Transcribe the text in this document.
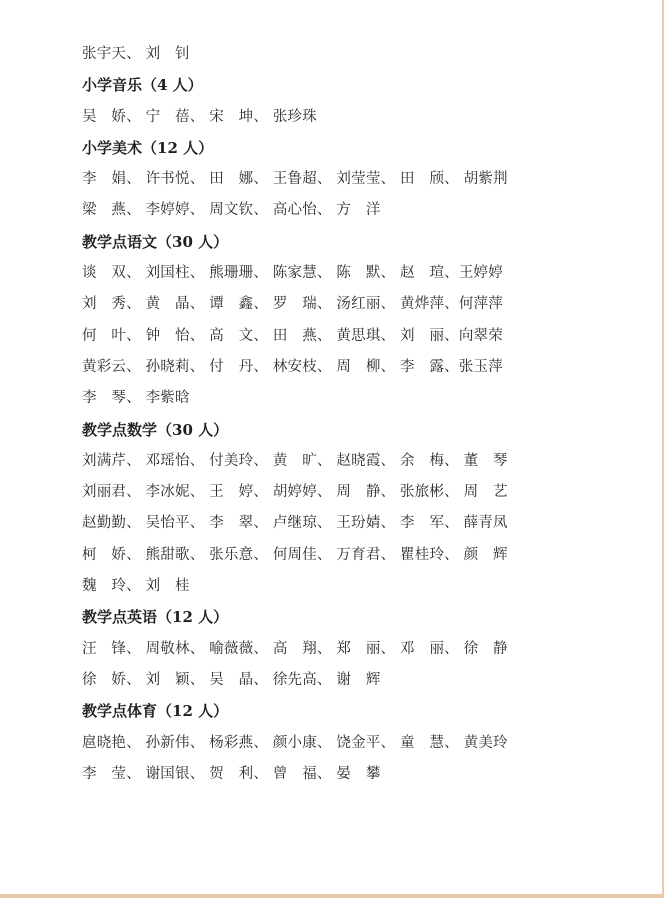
张宇天、 刘　钊
小学音乐（4 人）
吴　娇、 宁　蓓、 宋　坤、 张珍珠
小学美术（12 人）
李　娟、 许书悦、 田　娜、 王鲁超、 刘莹莹、 田　颀、 胡紫荆
梁　燕、 李婷婷、 周文钦、 高心怡、 方　洋
教学点语文（30 人）
谈　双、 刘国柱、 熊珊珊、 陈家慧、 陈　默、 赵　瑄、王婷婷
刘　秀、 黄　晶、 谭　鑫、 罗　瑞、 汤红丽、 黄烨萍、何萍萍
何　叶、 钟　怡、 高　文、 田　燕、 黄思琪、 刘　丽、向翠荣
黄彩云、 孙晓莉、 付　丹、 林安枝、 周　柳、 李　露、张玉萍
李　琴、 李紫晗
教学点数学（30 人）
刘满芹、 邓瑶怡、 付美玲、 黄　旷、 赵晓霞、 余　梅、 董　琴
刘丽君、 李冰妮、 王　婷、 胡婷婷、 周　静、 张旅彬、 周　艺
赵勤勤、 吴怡平、 李　翠、 卢继琼、 王玢婧、 李　军、 薛青凤
柯　娇、 熊甜歌、 张乐意、 何周佳、 万育君、 瞿桂玲、 颜　辉
魏　玲、 刘　桂
教学点英语（12 人）
汪　锋、 周敬林、 喻薇薇、 高　翔、 郑　丽、 邓　丽、 徐　静
徐　娇、 刘　颖、 吴　晶、 徐先高、 谢　辉
教学点体育（12 人）
扈晓艳、 孙新伟、 杨彩燕、 颜小康、 饶金平、 童　慧、 黄美玲
李　莹、 谢国银、 贺　利、 曾　福、 晏　攀
